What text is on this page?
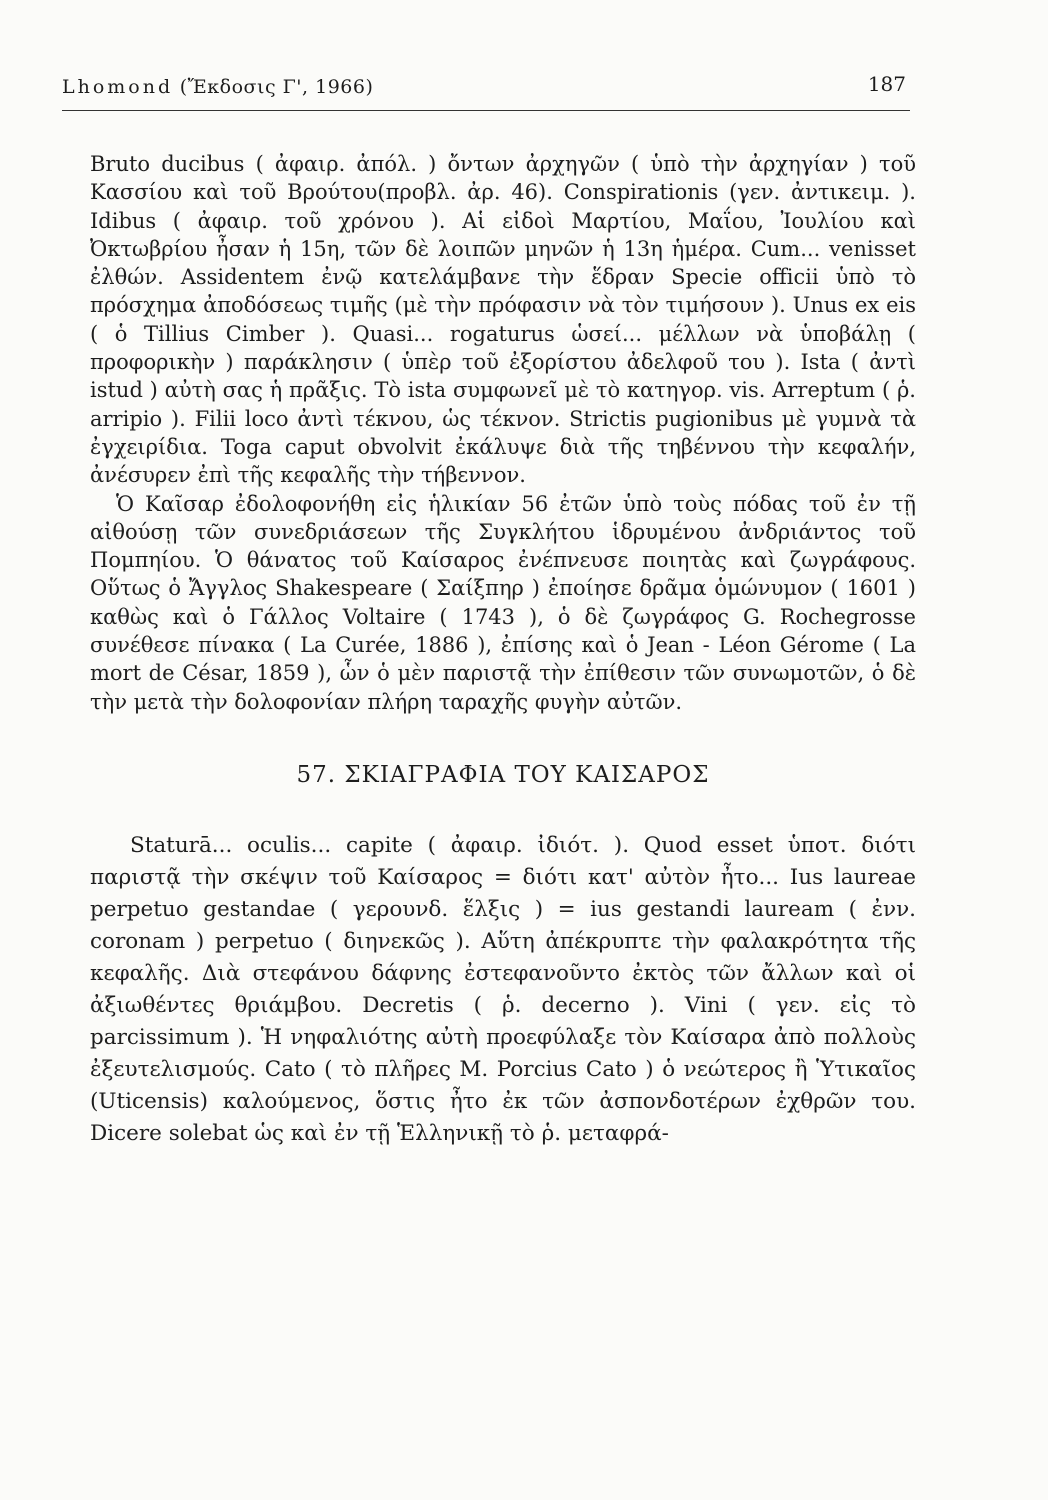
Lhomond (Ἔκδοσις Γ', 1966)	187

Bruto ducibus ( ἀφαιρ. ἀπόλ. ) ὄντων ἀρχηγῶν ( ὑπὸ τὴν ἀρχηγίαν ) τοῦ Κασσίου καὶ τοῦ Βρούτου(προβλ. ἀρ. 46). Conspirationis (γεν. ἀντικειμ. ). Idibus ( ἀφαιρ. τοῦ χρόνου ). Αἱ εἰδοὶ Μαρτίου, Μαΐου, Ἰουλίου καὶ Ὀκτωβρίου ἦσαν ἡ 15η, τῶν δὲ λοιπῶν μηνῶν ἡ 13η ἡμέρα. Cum... venisset ἐλθών. Assidentem ἐνῷ κατελάμβανε τὴν ἕδραν Specie officii ὑπὸ τὸ πρόσχημα ἀποδόσεως τιμῆς (μὲ τὴν πρόφασιν νὰ τὸν τιμήσουν ). Unus ex eis ( ὁ Tillius Cimber ). Quasi... rogaturus ὡσεί... μέλλων νὰ ὑποβάλῃ ( προφορικὴν ) παράκλησιν ( ὑπὲρ τοῦ ἐξορίστου ἀδελφοῦ του ). Ista ( ἀντὶ istud ) αὐτὴ σας ἡ πρᾶξις. Τὸ ista συμφωνεῖ μὲ τὸ κατηγορ. vis. Arreptum ( ῥ. arripio ). Filii loco ἀντὶ τέκνου, ὡς τέκνον. Strictis pugionibus μὲ γυμνὰ τὰ ἐγχειρίδια. Toga caput obvolvit ἐκάλυψε διὰ τῆς τηβέννου τὴν κεφαλήν, ἀνέσυρεν ἐπὶ τῆς κεφαλῆς τὴν τήβεννον.

Ὁ Καῖσαρ ἐδολοφονήθη εἰς ἡλικίαν 56 ἐτῶν ὑπὸ τοὺς πόδας τοῦ ἐν τῇ αἰθούσῃ τῶν συνεδριάσεων τῆς Συγκλήτου ἱδρυμένου ἀνδριάντος τοῦ Πομπηίου. Ὁ θάνατος τοῦ Καίσαρος ἐνέπνευσε ποιητὰς καὶ ζωγράφους. Οὕτως ὁ Ἄγγλος Shakespeare ( Σαίξπηρ ) ἐποίησε δρᾶμα ὁμώνυμον ( 1601 ) καθὼς καὶ ὁ Γάλλος Voltaire ( 1743 ), ὁ δὲ ζωγράφος G. Rochegrosse συνέθεσε πίνακα ( La Curée, 1886 ), ἐπίσης καὶ ὁ Jean - Léon Gérome ( La mort de César, 1859 ), ὧν ὁ μὲν παριστᾷ τὴν ἐπίθεσιν τῶν συνωμοτῶν, ὁ δὲ τὴν μετὰ τὴν δολοφονίαν πλήρη ταραχῆς φυγὴν αὐτῶν.

57. ΣΚΙΑΓΡΑΦΙΑ ΤΟΥ ΚΑΙΣΑΡΟΣ

Staturā... oculis... capite ( ἀφαιρ. ἰδιότ. ). Quod esset ὑποτ. διότι παριστᾷ τὴν σκέψιν τοῦ Καίσαρος = διότι κατ' αὐτὸν ἦτο... Ius laureae perpetuo gestandae ( γερουνδ. ἕλξις ) = ius gestandi lauream ( ἐνν. coronam ) perpetuo ( διηνεκῶς ). Αὕτη ἀπέκρυπτε τὴν φαλακρότητα τῆς κεφαλῆς. Διὰ στεφάνου δάφνης ἐστεφανοῦντο ἐκτὸς τῶν ἄλλων καὶ οἱ ἀξιωθέντες θριάμβου. Decretis ( ῥ. decerno ). Vini ( γεν. εἰς τὸ parcissimum ). Ἡ νηφαλιότης αὐτὴ προεφύλαξε τὸν Καίσαρα ἀπὸ πολλοὺς ἐξευτελισμούς. Cato ( τὸ πλῆρες M. Porcius Cato ) ὁ νεώτερος ἢ Ὑτικαῖος (Uticensis) καλούμενος, ὅστις ἦτο ἐκ τῶν ἀσπονδοτέρων ἐχθρῶν του. Dicere solebat ὡς καὶ ἐν τῇ Ἑλληνικῇ τὸ ῥ. μεταφρά-
